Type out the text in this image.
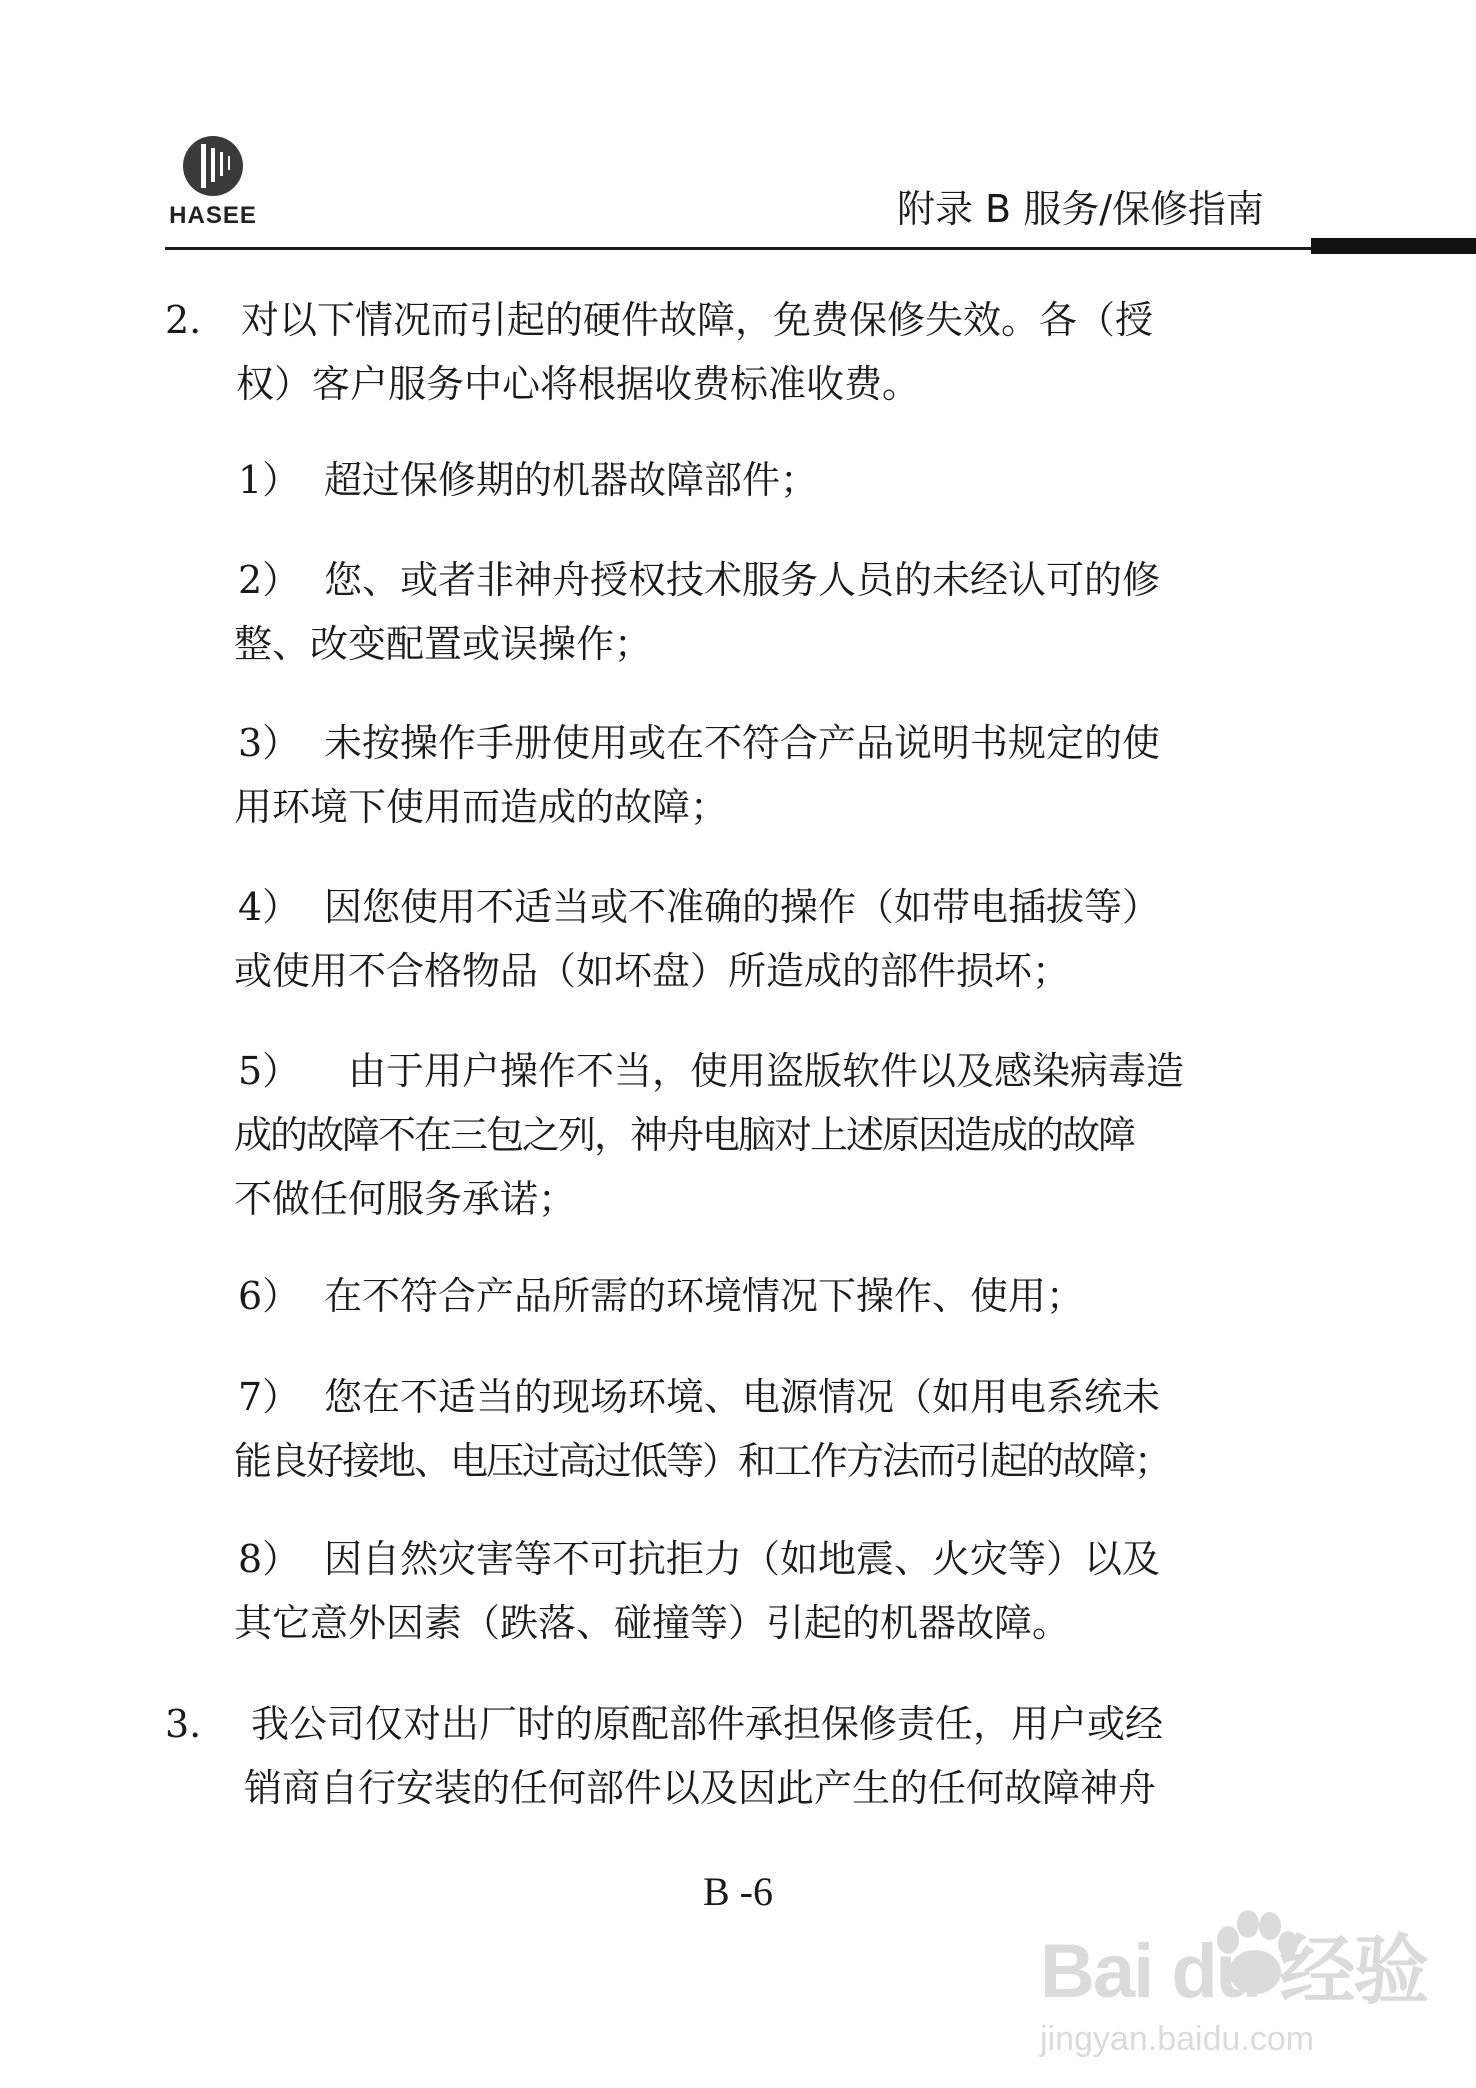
HASEE	附录 B 服务/保修指南
2. 对以下情况而引起的硬件故障，免费保修失效。各（授
权）客户服务中心将根据收费标准收费。
1） 超过保修期的机器故障部件；
2） 您、或者非神舟授权技术服务人员的未经认可的修
整、改变配置或误操作；
3） 未按操作手册使用或在不符合产品说明书规定的使
用环境下使用而造成的故障；
4） 因您使用不适当或不准确的操作（如带电插拔等）
或使用不合格物品（如坏盘）所造成的部件损坏；
5） 由于用户操作不当，使用盗版软件以及感染病毒造
成的故障不在三包之列，神舟电脑对上述原因造成的故障
不做任何服务承诺；
6） 在不符合产品所需的环境情况下操作、使用；
7） 您在不适当的现场环境、电源情况（如用电系统未
能良好接地、电压过高过低等）和工作方法而引起的故障；
8） 因自然灾害等不可抗拒力（如地震、火灾等）以及
其它意外因素（跌落、碰撞等）引起的机器故障。
3. 我公司仅对出厂时的原配部件承担保修责任，用户或经
销商自行安装的任何部件以及因此产生的任何故障神舟
B -6
Bai du 经验
jingyan.baidu.com
